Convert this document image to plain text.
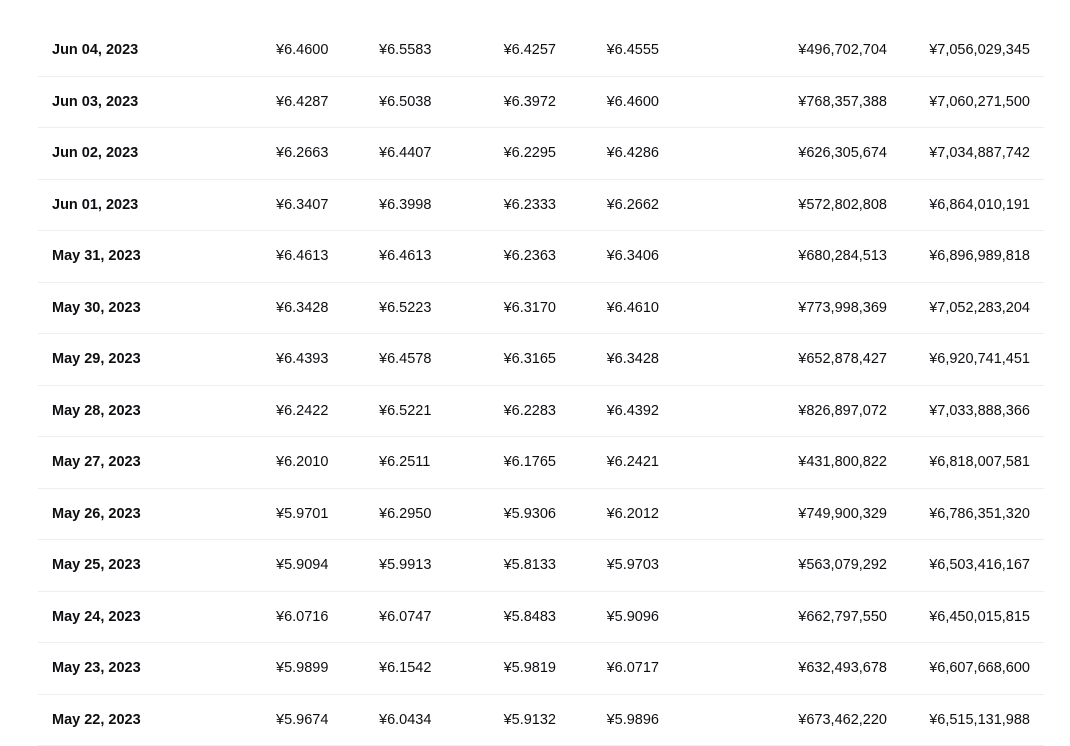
Jun 04, 2023	¥6.4600	¥6.5583	¥6.4257	¥6.4555	¥496,702,704	¥7,056,029,345
Jun 03, 2023	¥6.4287	¥6.5038	¥6.3972	¥6.4600	¥768,357,388	¥7,060,271,500
Jun 02, 2023	¥6.2663	¥6.4407	¥6.2295	¥6.4286	¥626,305,674	¥7,034,887,742
Jun 01, 2023	¥6.3407	¥6.3998	¥6.2333	¥6.2662	¥572,802,808	¥6,864,010,191
May 31, 2023	¥6.4613	¥6.4613	¥6.2363	¥6.3406	¥680,284,513	¥6,896,989,818
May 30, 2023	¥6.3428	¥6.5223	¥6.3170	¥6.4610	¥773,998,369	¥7,052,283,204
May 29, 2023	¥6.4393	¥6.4578	¥6.3165	¥6.3428	¥652,878,427	¥6,920,741,451
May 28, 2023	¥6.2422	¥6.5221	¥6.2283	¥6.4392	¥826,897,072	¥7,033,888,366
May 27, 2023	¥6.2010	¥6.2511	¥6.1765	¥6.2421	¥431,800,822	¥6,818,007,581
May 26, 2023	¥5.9701	¥6.2950	¥5.9306	¥6.2012	¥749,900,329	¥6,786,351,320
May 25, 2023	¥5.9094	¥5.9913	¥5.8133	¥5.9703	¥563,079,292	¥6,503,416,167
May 24, 2023	¥6.0716	¥6.0747	¥5.8483	¥5.9096	¥662,797,550	¥6,450,015,815
May 23, 2023	¥5.9899	¥6.1542	¥5.9819	¥6.0717	¥632,493,678	¥6,607,668,600
May 22, 2023	¥5.9674	¥6.0434	¥5.9132	¥5.9896	¥673,462,220	¥6,515,131,988
